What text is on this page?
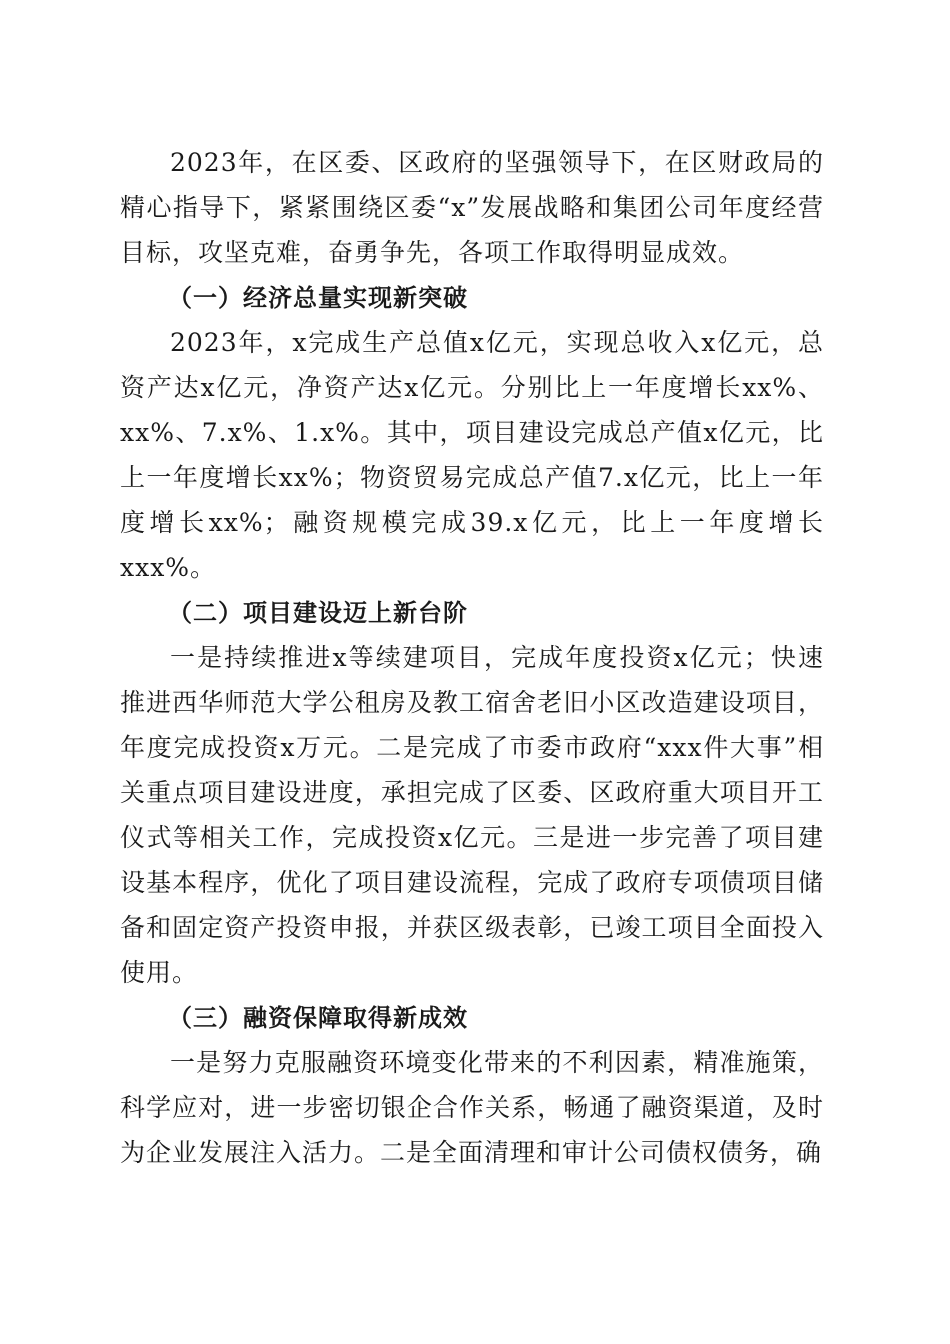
2023年，在区委、区政府的坚强领导下，在区财政局的精心指导下，紧紧围绕区委“x”发展战略和集团公司年度经营目标，攻坚克难，奋勇争先，各项工作取得明显成效。

（一）经济总量实现新突破

2023年，x完成生产总值x亿元，实现总收入x亿元，总资产达x亿元，净资产达x亿元。分别比上一年度增长xx%、xx%、7.x%、1.x%。其中，项目建设完成总产值x亿元，比上一年度增长xx%；物资贸易完成总产值7.x亿元，比上一年度增长xx%；融资规模完成39.x亿元，比上一年度增长xxx%。

（二）项目建设迈上新台阶

一是持续推进x等续建项目，完成年度投资x亿元；快速推进西华师范大学公租房及教工宿舍老旧小区改造建设项目，年度完成投资x万元。二是完成了市委市政府“xxx件大事”相关重点项目建设进度，承担完成了区委、区政府重大项目开工仪式等相关工作，完成投资x亿元。三是进一步完善了项目建设基本程序，优化了项目建设流程，完成了政府专项债项目储备和固定资产投资申报，并获区级表彰，已竣工项目全面投入使用。

（三）融资保障取得新成效

一是努力克服融资环境变化带来的不利因素，精准施策，科学应对，进一步密切银企合作关系，畅通了融资渠道，及时为企业发展注入活力。二是全面清理和审计公司债权债务，确
